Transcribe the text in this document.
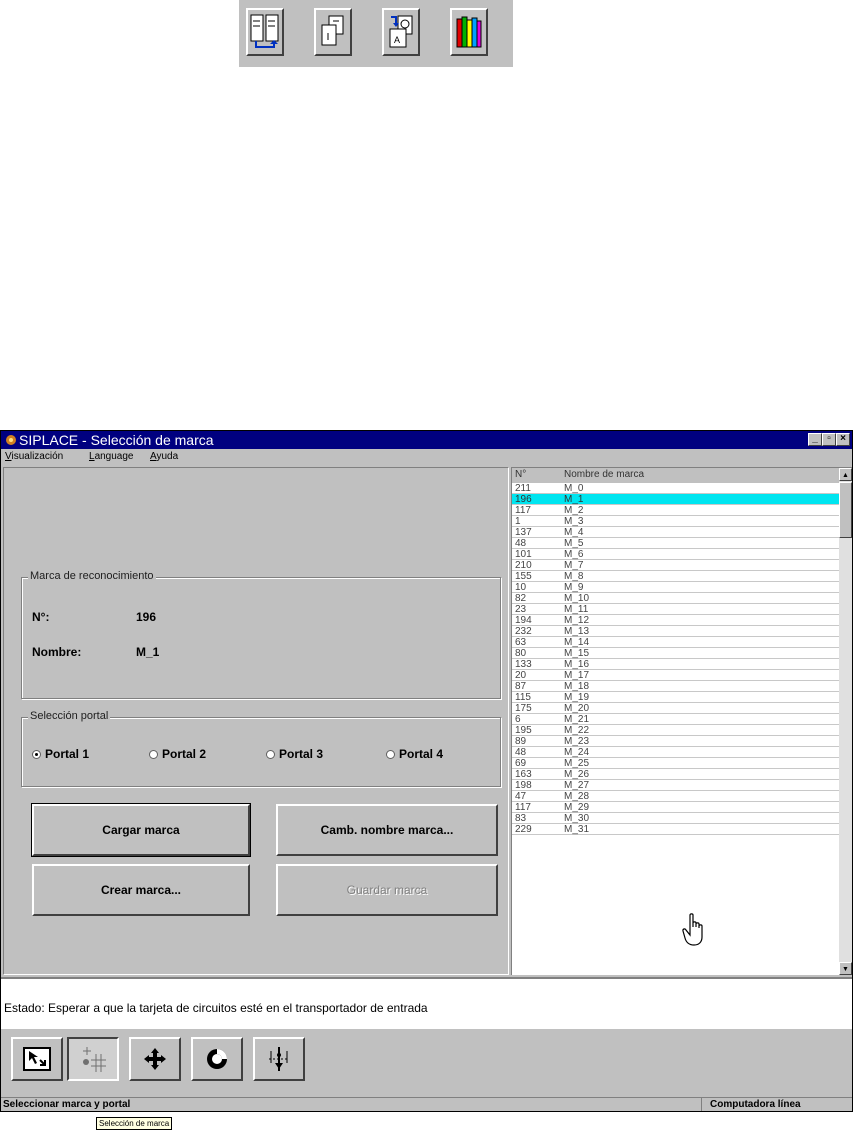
A
SIPLACE - Selección de marca	_ ▫ ×
Visualización	Language Ayuda
Marca de reconocimiento
N°:	196
Nombre:	M_1
Selección portal
Portal 1	Portal 2	Portal 3	Portal 4
Cargar marca	Camb. nombre marca...
Crear marca...	Guardar marca
N°	Nombre de marca
211	M_0
196	M_1
117	M_2
1	M_3
137	M_4
48	M_5
101	M_6
210	M_7
155	M_8
10	M_9
82	M_10
23	M_11
194	M_12
232	M_13
63	M_14
80	M_15
133	M_16
20	M_17
87	M_18
115	M_19
175	M_20
6	M_21
195	M_22
89	M_23
48	M_24
69	M_25
163	M_26
198	M_27
47	M_28
117	M_29
83	M_30
229	M_31
▲
▼
Estado: Esperar a que la tarjeta de circuitos esté en el transportador de entrada
Selección de marca
Seleccionar marca y portal	Computadora línea
